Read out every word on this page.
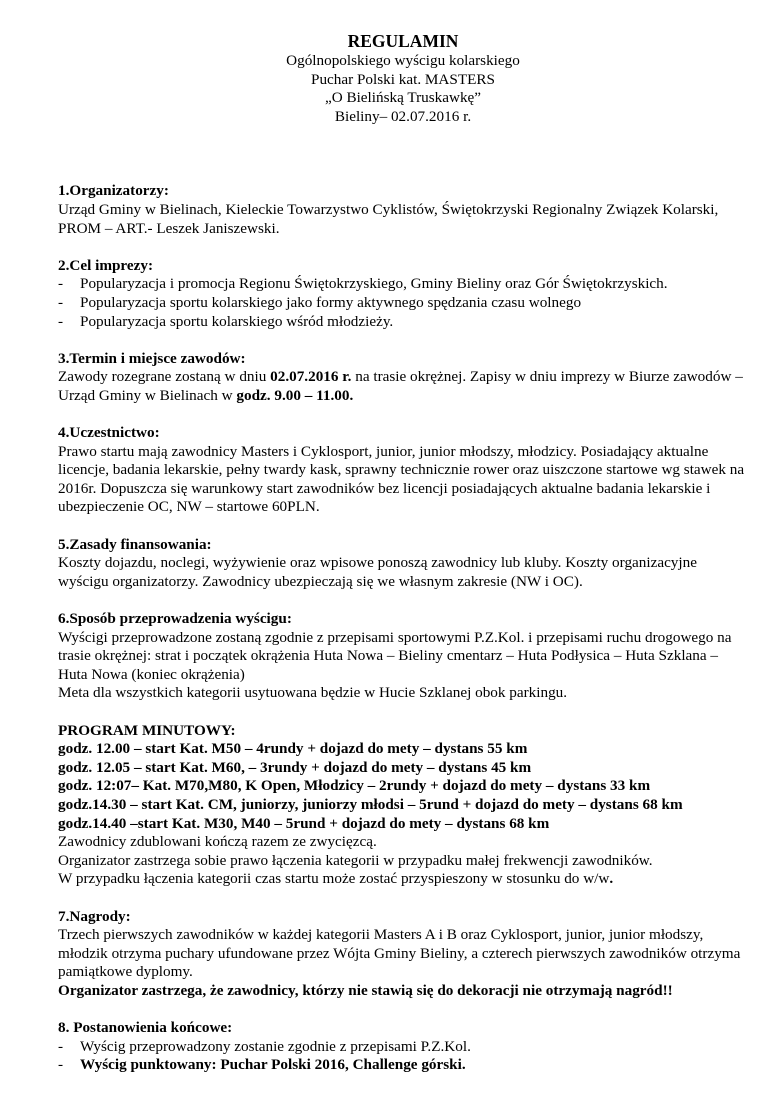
REGULAMIN
Ogólnopolskiego wyścigu kolarskiego
Puchar Polski kat. MASTERS
„O Bielińską Truskawkę”
Bieliny– 02.07.2016 r.
1.Organizatorzy:

Urząd Gminy w Bielinach, Kieleckie Towarzystwo Cyklistów, Świętokrzyski Regionalny Związek Kolarski, PROM – ART.- Leszek Janiszewski.

2.Cel imprezy:
-	Popularyzacja i promocja Regionu Świętokrzyskiego, Gminy Bieliny oraz Gór Świętokrzyskich.
-	Popularyzacja sportu kolarskiego jako formy aktywnego spędzania czasu wolnego
-	Popularyzacja sportu kolarskiego wśród młodzieży.
3.Termin i miejsce zawodów:

Zawody rozegrane zostaną w dniu 02.07.2016 r. na trasie okrężnej. Zapisy w dniu imprezy w Biurze zawodów – Urząd Gminy w Bielinach w godz. 9.00 – 11.00.

4.Uczestnictwo:

Prawo startu mają zawodnicy Masters i Cyklosport, junior, junior młodszy, młodzicy. Posiadający aktualne licencje, badania lekarskie, pełny twardy kask, sprawny technicznie rower oraz uiszczone startowe wg stawek na 2016r. Dopuszcza się warunkowy start zawodników bez licencji posiadających aktualne badania lekarskie i ubezpieczenie OC, NW – startowe 60PLN.

5.Zasady finansowania:

Koszty dojazdu, noclegi, wyżywienie oraz wpisowe ponoszą zawodnicy lub kluby. Koszty organizacyjne wyścigu organizatorzy. Zawodnicy ubezpieczają się we własnym zakresie (NW i OC).

6.Sposób przeprowadzenia wyścigu:

Wyścigi przeprowadzone zostaną zgodnie z przepisami sportowymi P.Z.Kol. i przepisami ruchu drogowego na trasie okrężnej: strat i początek okrążenia Huta Nowa – Bieliny cmentarz – Huta Podłysica – Huta Szklana – Huta Nowa (koniec okrążenia)

Meta dla wszystkich kategorii usytuowana będzie w Hucie Szklanej obok parkingu.

PROGRAM MINUTOWY:
godz. 12.00 – start Kat. M50 – 4rundy + dojazd do mety – dystans 55 km
godz. 12.05 – start Kat. M60, – 3rundy + dojazd do mety – dystans 45 km
godz. 12:07– Kat. M70,M80, K Open, Młodzicy – 2rundy + dojazd do mety – dystans 33 km
godz.14.30 – start Kat. CM, juniorzy, juniorzy młodsi – 5rund + dojazd do mety – dystans 68 km
godz.14.40 –start Kat. M30, M40 – 5rund + dojazd do mety – dystans 68 km

Zawodnicy zdublowani kończą razem ze zwycięzcą.

Organizator zastrzega sobie prawo łączenia kategorii w przypadku małej frekwencji zawodników.

W przypadku łączenia kategorii czas startu może zostać przyspieszony w stosunku do w/w.

7.Nagrody:

Trzech pierwszych zawodników w każdej kategorii Masters A i B oraz Cyklosport, junior, junior młodszy, młodzik otrzyma puchary ufundowane przez Wójta Gminy Bieliny, a czterech pierwszych zawodników otrzyma pamiątkowe dyplomy.

Organizator zastrzega, że zawodnicy, którzy nie stawią się do dekoracji nie otrzymają nagród!!

8. Postanowienia końcowe:
-	Wyścig przeprowadzony zostanie zgodnie z przepisami P.Z.Kol.
-	Wyścig punktowany: Puchar Polski 2016, Challenge górski.
